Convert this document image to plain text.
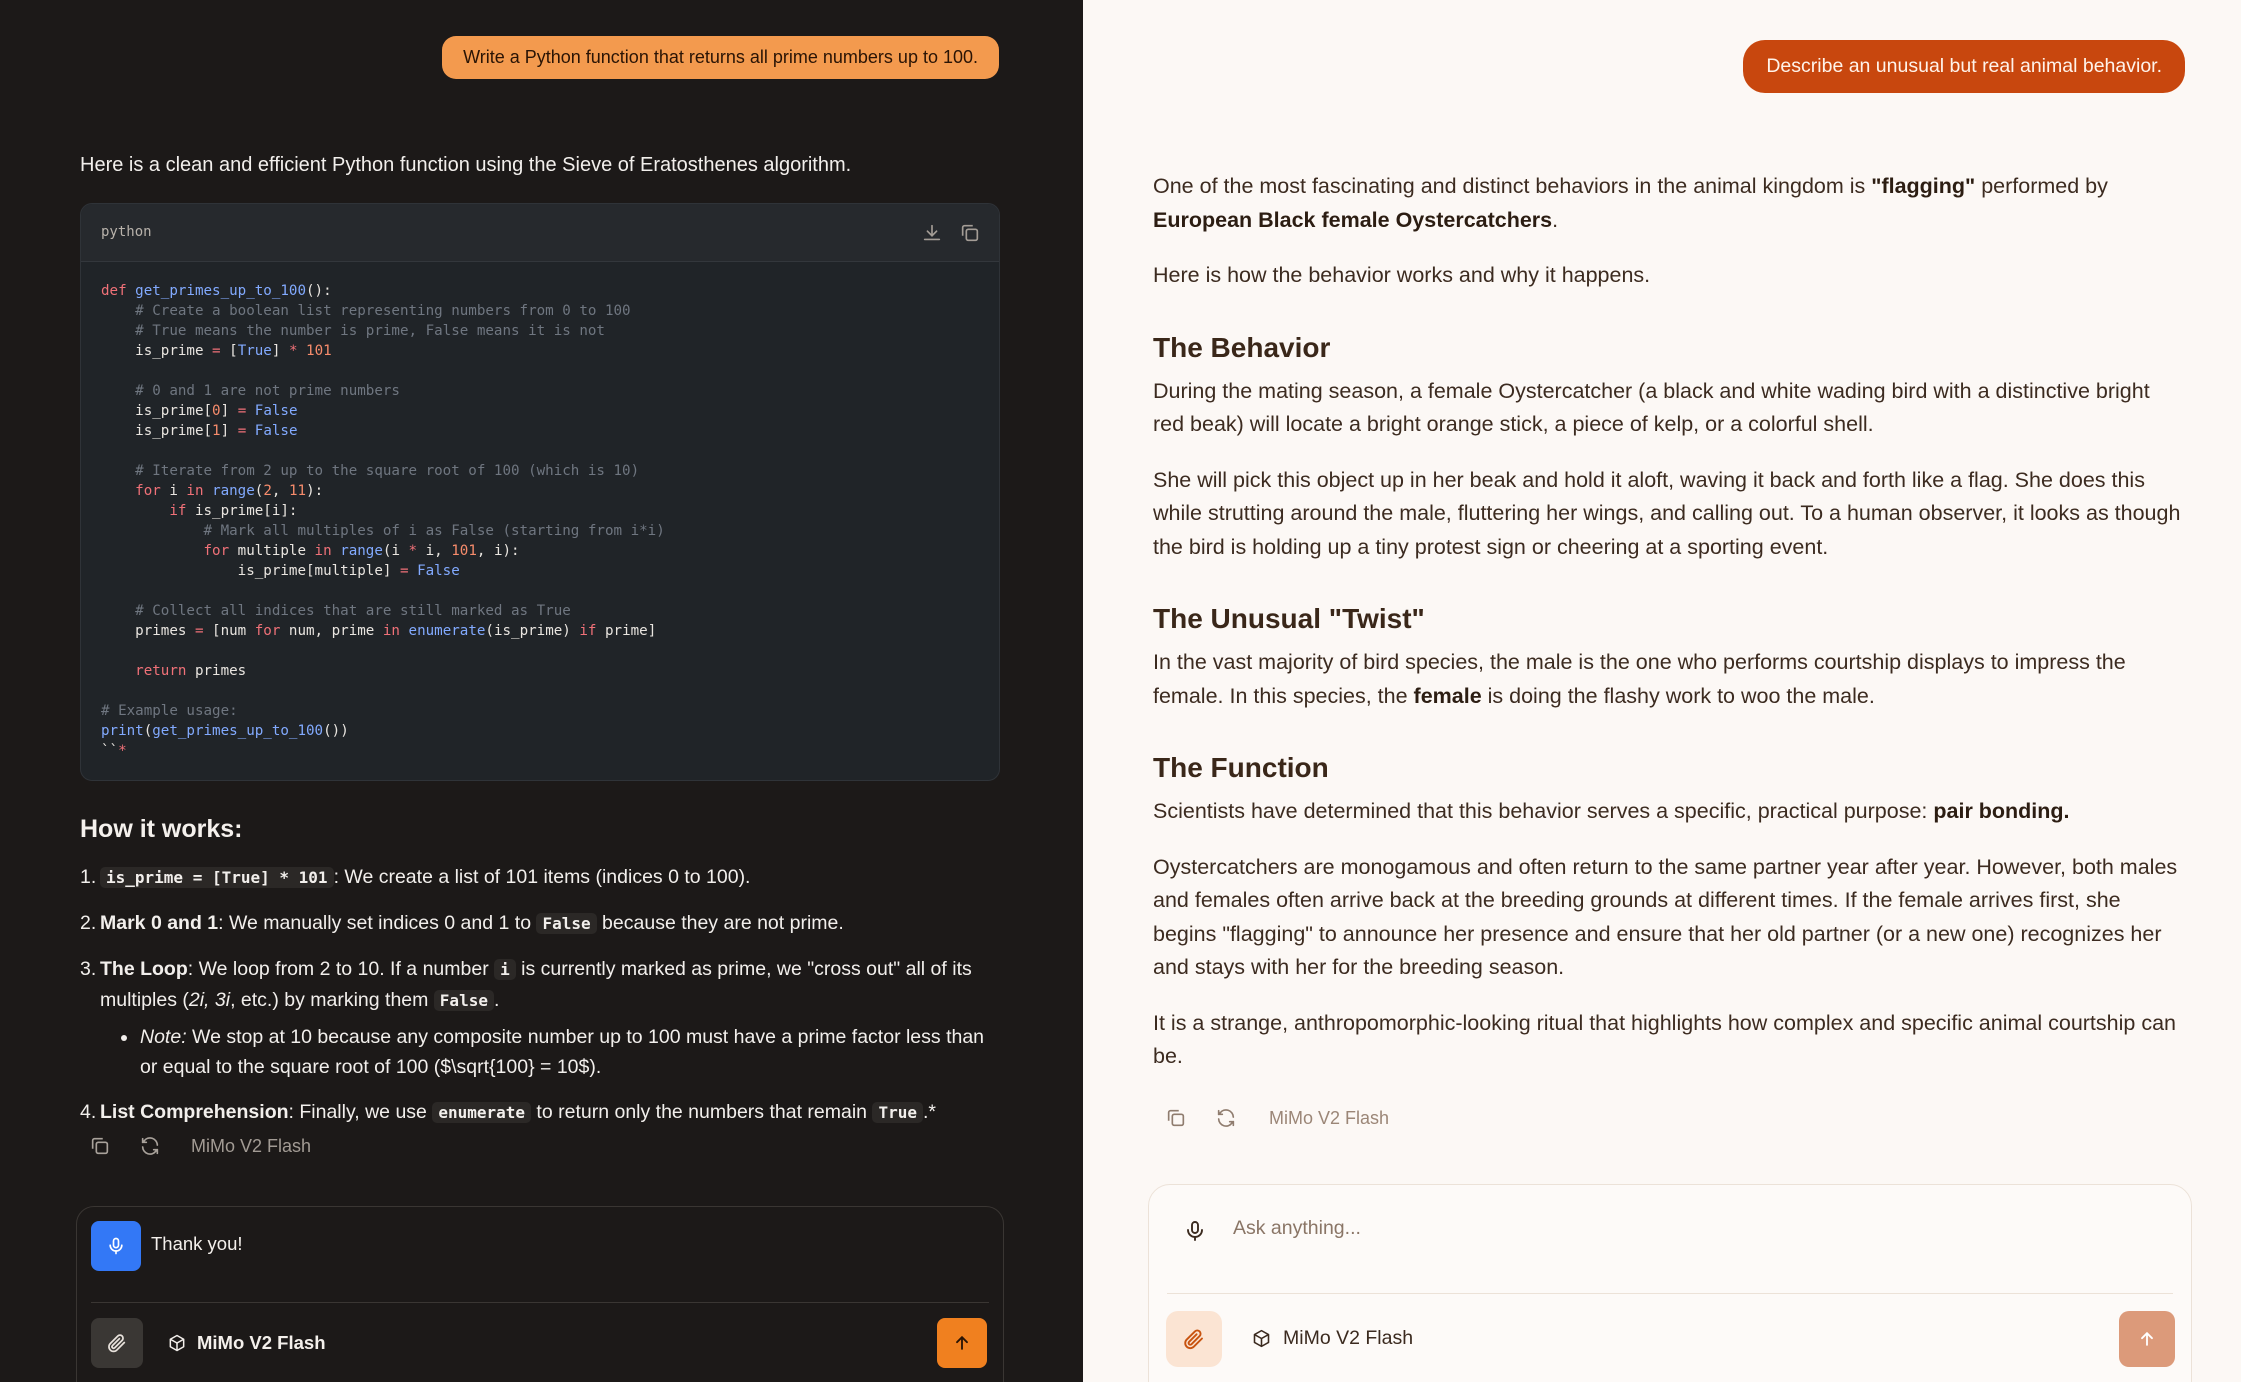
Write a Python function that returns all prime numbers up to 100.
Here is a clean and efficient Python function using the Sieve of Eratosthenes algorithm.
python
def get_primes_up_to_100():
# Create a boolean list representing numbers from 0 to 100
# True means the number is prime, False means it is not
is_prime = [True] * 101

# 0 and 1 are not prime numbers
is_prime[0] = False
is_prime[1] = False

# Iterate from 2 up to the square root of 100 (which is 10)
for i in range(2, 11):
if is_prime[i]:
# Mark all multiples of i as False (starting from i*i)
for multiple in range(i * i, 101, i):
is_prime[multiple] = False

# Collect all indices that are still marked as True
primes = [num for num, prime in enumerate(is_prime) if prime]

return primes

# Example usage:
print(get_primes_up_to_100())
``*
How it works:
1. is_prime = [True] * 101 : We create a list of 101 items (indices 0 to 100).
2. Mark 0 and 1: We manually set indices 0 and 1 to False because they are not prime.
3. The Loop: We loop from 2 to 10. If a number i is currently marked as prime, we "cross out" all of its multiples (2i, 3i, etc.) by marking them False .
Note: We stop at 10 because any composite number up to 100 must have a prime factor less than or equal to the square root of 100 ($\sqrt{100} = 10$).
4. List Comprehension: Finally, we use enumerate to return only the numbers that remain True .*
MiMo V2 Flash
Thank you!
MiMo V2 Flash
Describe an unusual but real animal behavior.

One of the most fascinating and distinct behaviors in the animal kingdom is "flagging" performed by European Black female Oystercatchers.

Here is how the behavior works and why it happens.

The Behavior

During the mating season, a female Oystercatcher (a black and white wading bird with a distinctive bright red beak) will locate a bright orange stick, a piece of kelp, or a colorful shell.

She will pick this object up in her beak and hold it aloft, waving it back and forth like a flag. She does this while strutting around the male, fluttering her wings, and calling out. To a human observer, it looks as though the bird is holding up a tiny protest sign or cheering at a sporting event.

The Unusual "Twist"

In the vast majority of bird species, the male is the one who performs courtship displays to impress the female. In this species, the female is doing the flashy work to woo the male.

The Function

Scientists have determined that this behavior serves a specific, practical purpose: pair bonding.

Oystercatchers are monogamous and often return to the same partner year after year. However, both males and females often arrive back at the breeding grounds at different times. If the female arrives first, she begins "flagging" to announce her presence and ensure that her old partner (or a new one) recognizes her and stays with her for the breeding season.

It is a strange, anthropomorphic-looking ritual that highlights how complex and specific animal courtship can be.

MiMo V2 Flash
Ask anything...
MiMo V2 Flash
